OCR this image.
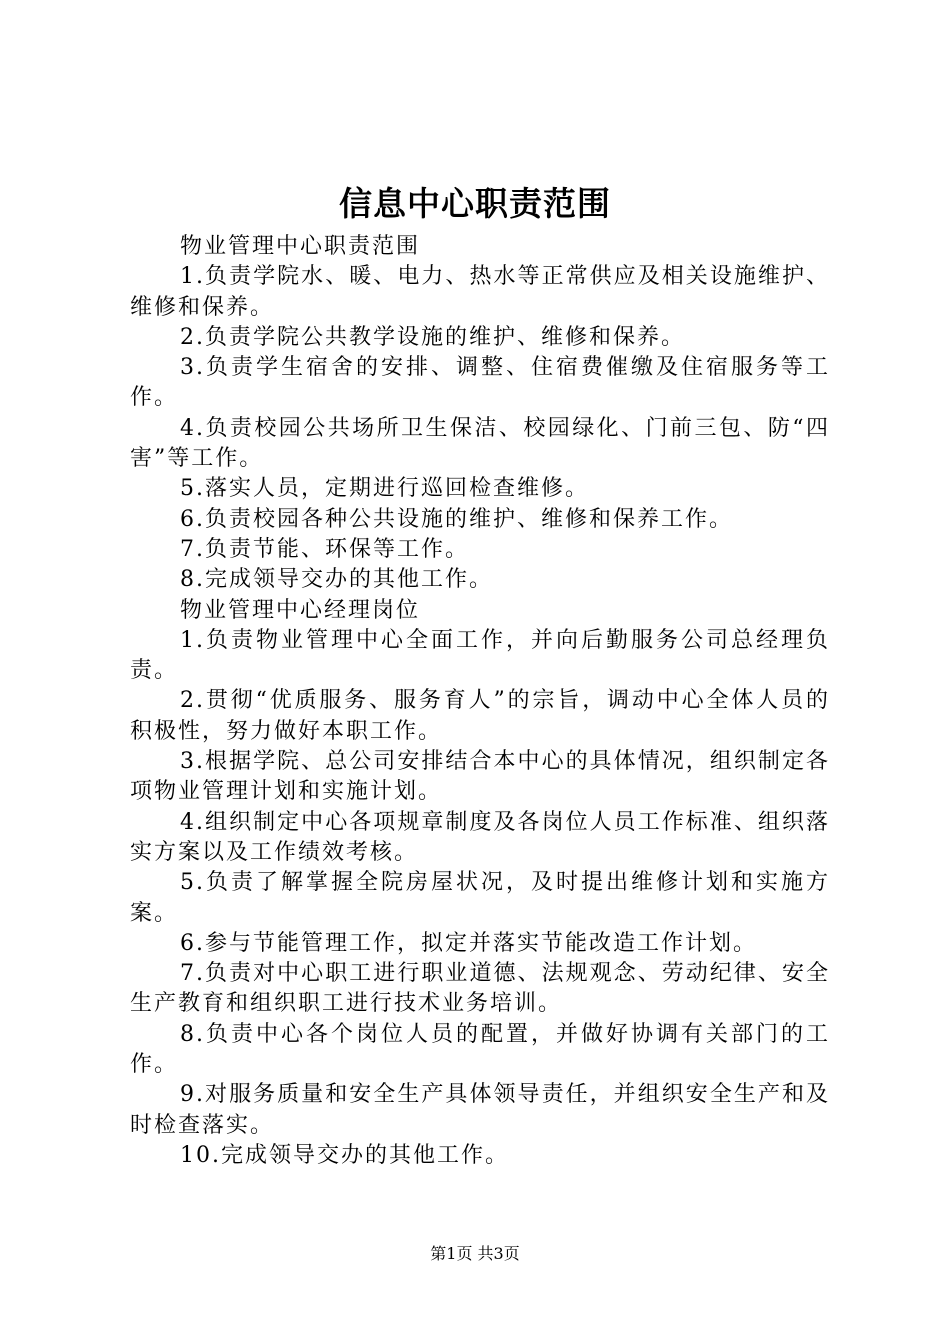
信息中心职责范围

物业管理中心职责范围

1.负责学院水、暖、电力、热水等正常供应及相关设施维护、维修和保养。

2.负责学院公共教学设施的维护、维修和保养。

3.负责学生宿舍的安排、调整、住宿费催缴及住宿服务等工作。

4.负责校园公共场所卫生保洁、校园绿化、门前三包、防“四害”等工作。

5.落实人员，定期进行巡回检查维修。

6.负责校园各种公共设施的维护、维修和保养工作。

7.负责节能、环保等工作。

8.完成领导交办的其他工作。

物业管理中心经理岗位

1.负责物业管理中心全面工作，并向后勤服务公司总经理负责。

2.贯彻“优质服务、服务育人”的宗旨，调动中心全体人员的积极性，努力做好本职工作。

3.根据学院、总公司安排结合本中心的具体情况，组织制定各项物业管理计划和实施计划。

4.组织制定中心各项规章制度及各岗位人员工作标准、组织落实方案以及工作绩效考核。

5.负责了解掌握全院房屋状况，及时提出维修计划和实施方案。

6.参与节能管理工作，拟定并落实节能改造工作计划。

7.负责对中心职工进行职业道德、法规观念、劳动纪律、安全生产教育和组织职工进行技术业务培训。

8.负责中心各个岗位人员的配置，并做好协调有关部门的工作。

9.对服务质量和安全生产具体领导责任，并组织安全生产和及时检查落实。

10.完成领导交办的其他工作。

第1页 共3页
